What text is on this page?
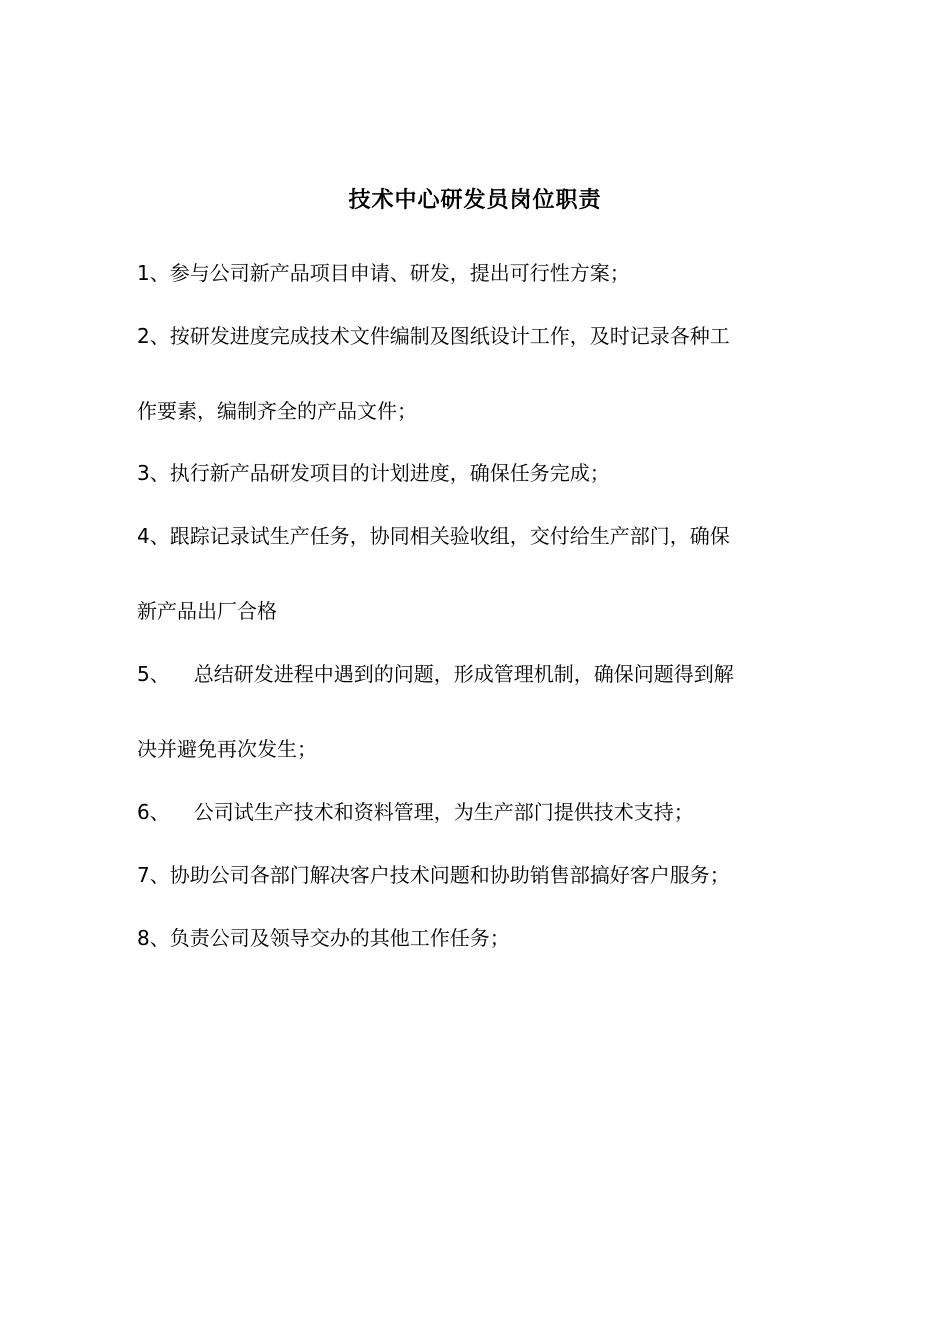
技术中心研发员岗位职责
1、参与公司新产品项目申请、研发，提出可行性方案；
2、按研发进度完成技术文件编制及图纸设计工作，及时记录各种工
作要素，编制齐全的产品文件；
3、执行新产品研发项目的计划进度，确保任务完成；
4、跟踪记录试生产任务，协同相关验收组，交付给生产部门，确保
新产品出厂合格
5、 总结研发进程中遇到的问题，形成管理机制，确保问题得到解
决并避免再次发生；
6、 公司试生产技术和资料管理，为生产部门提供技术支持；
7、协助公司各部门解决客户技术问题和协助销售部搞好客户服务；
8、负责公司及领导交办的其他工作任务；
